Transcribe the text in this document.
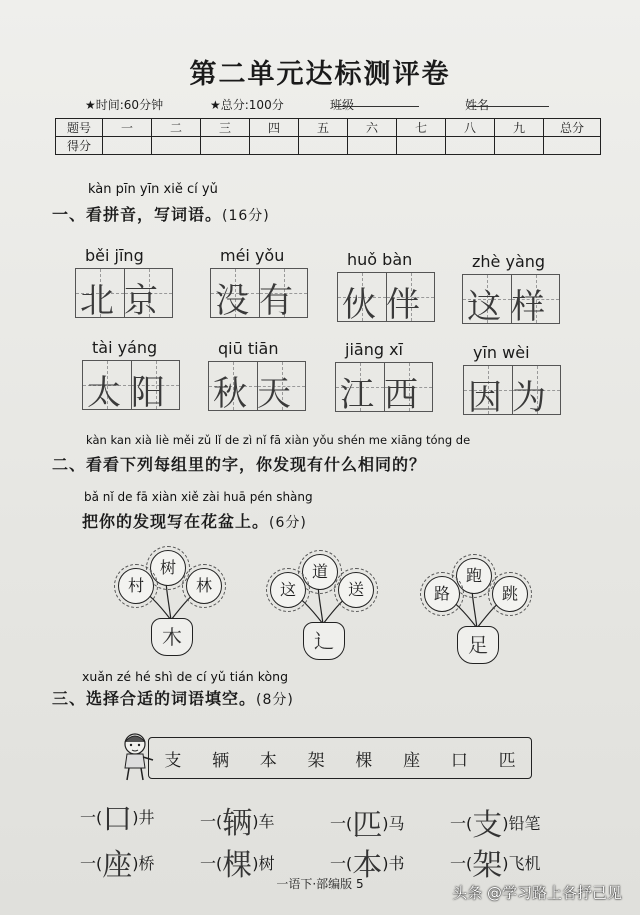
第二单元达标测评卷
★时间:60分钟	★总分:100分	班级	姓名
题号	一	二	三	四	五	六	七	八	九	总分
得分										
kàn pīn yīn xiě cí yǔ
一、看拼音，写词语。(16分)
běi jīng
北京
méi yǒu
没有
huǒ bàn
伙伴
zhè yàng
这样
tài yáng
太阳
qiū tiān
秋天
jiāng xī
江西
yīn wèi
因为
kàn kan xià liè měi zǔ lǐ de zì nǐ fā xiàn yǒu shén me xiāng tóng de
二、看看下列每组里的字，你发现有什么相同的？
bǎ nǐ de fā xiàn xiě zài huā pén shàng
把你的发现写在花盆上。(6分)
树
村	林
木
道
这	送
辶
跑
路	跳
足
xuǎn zé hé shì de cí yǔ tián kòng
三、选择合适的词语填空。(8分)
支 辆 本 架 棵 座 口 匹
一(口)井	一(辆)车	一(匹)马	一(支)铅笔
一(座)桥	一(棵)树	一(本)书	一(架)飞机
一语下·部编版 5	头条 @学习路上各抒己见
